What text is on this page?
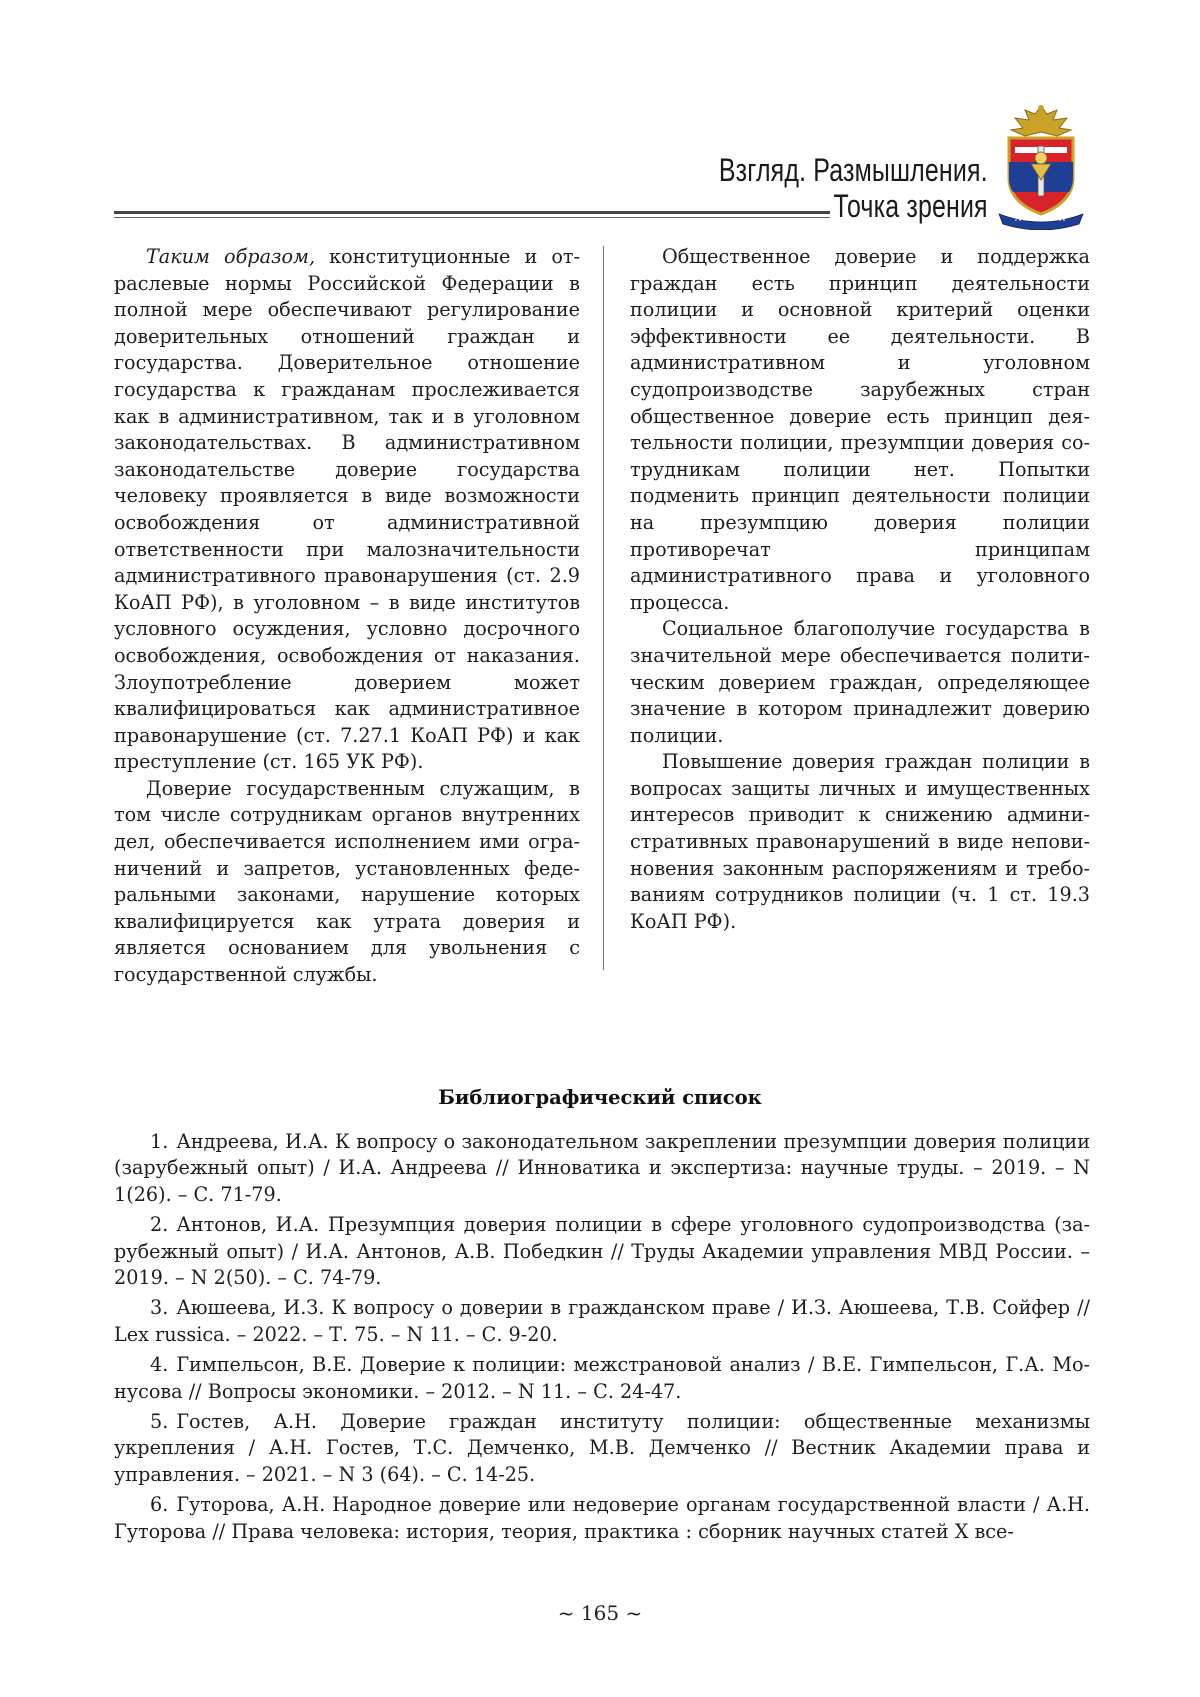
Взгляд. Размышления.
Точка зрения

Таким образом, конституционные и отраслевые нормы Российской Федерации в полной мере обеспечивают регулирование доверительных отношений граждан и государства. Доверительное отношение государства к гражданам прослеживается как в административном, так и в уголовном законодательствах. В административном законодательстве доверие государства человеку проявляется в виде возможности освобождения от административной ответственности при малозначительности административного правонарушения (ст. 2.9 КоАП РФ), в уголовном – в виде институтов условного осуждения, условно досрочного освобождения, освобождения от наказания. Злоупотребление доверием может квалифицироваться как административное правонарушение (ст. 7.27.1 КоАП РФ) и как преступление (ст. 165 УК РФ).

Доверие государственным служащим, в том числе сотрудникам органов внутренних дел, обеспечивается исполнением ими ограничений и запретов, установленных федеральными законами, нарушение которых квалифицируется как утрата доверия и является основанием для увольнения с государственной службы.

Общественное доверие и поддержка граждан есть принцип деятельности полиции и основной критерий оценки эффективности ее деятельности. В административном и уголовном судопроизводстве зарубежных стран общественное доверие есть принцип деятельности полиции, презумпции доверия сотрудникам полиции нет. Попытки подменить принцип деятельности полиции на презумпцию доверия полиции противоречат принципам административного права и уголовного процесса.

Социальное благополучие государства в значительной мере обеспечивается политическим доверием граждан, определяющее значение в котором принадлежит доверию полиции.

Повышение доверия граждан полиции в вопросах защиты личных и имущественных интересов приводит к снижению административных правонарушений в виде неповиновения законным распоряжениям и требованиям сотрудников полиции (ч. 1 ст. 19.3 КоАП РФ).

Библиографический список
1. Андреева, И.А. К вопросу о законодательном закреплении презумпции доверия полиции (зарубежный опыт) / И.А. Андреева // Инноватика и экспертиза: научные труды. – 2019. – N 1(26). – С. 71-79.
2. Антонов, И.А. Презумпция доверия полиции в сфере уголовного судопроизводства (зарубежный опыт) / И.А. Антонов, А.В. Победкин // Труды Академии управления МВД России. – 2019. – N 2(50). – С. 74-79.
3. Аюшеева, И.З. К вопросу о доверии в гражданском праве / И.З. Аюшеева, Т.В. Сойфер // Lex russica. – 2022. – Т. 75. – N 11. – С. 9-20.
4. Гимпельсон, В.Е. Доверие к полиции: межстрановой анализ / В.Е. Гимпельсон, Г.А. Монусова // Вопросы экономики. – 2012. – N 11. – С. 24-47.
5. Гостев, А.Н. Доверие граждан институту полиции: общественные механизмы укрепления / А.Н. Гостев, Т.С. Демченко, М.В. Демченко // Вестник Академии права и управления. – 2021. – N 3 (64). – С. 14-25.
6. Гуторова, А.Н. Народное доверие или недоверие органам государственной власти / А.Н. Гуторова // Права человека: история, теория, практика : сборник научных статей X все-
~ 165 ~
